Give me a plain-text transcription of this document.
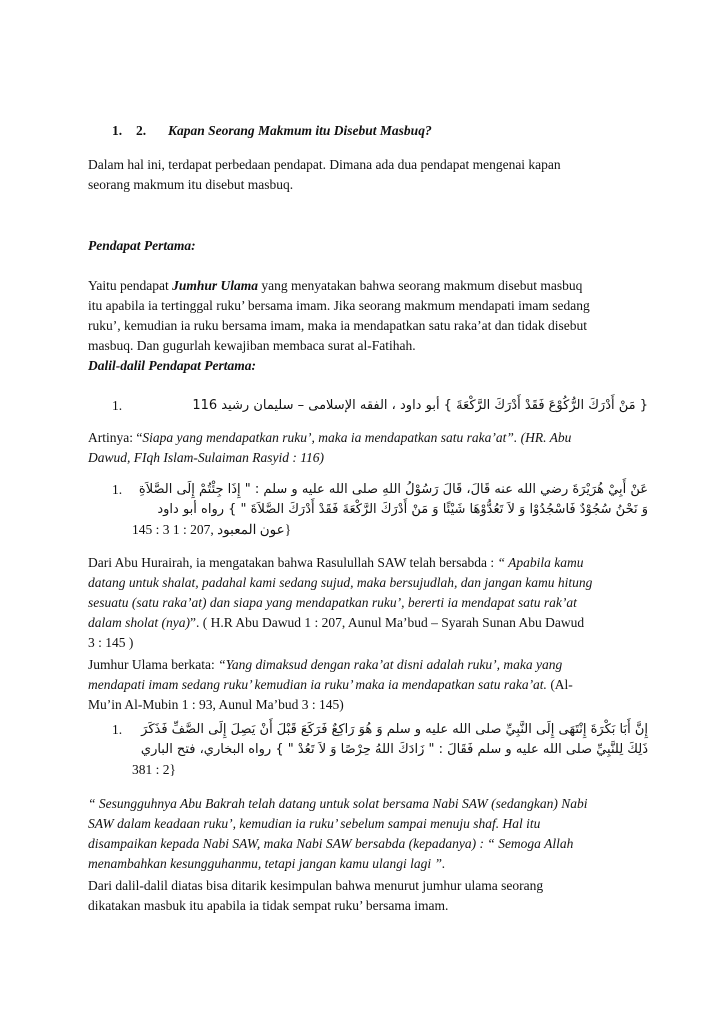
1. 2. Kapan Seorang Makmum itu Disebut Masbuq?

Dalam hal ini, terdapat perbedaan pendapat. Dimana ada dua pendapat mengenai kapan

seorang makmum itu disebut masbuq.

Pendapat Pertama:

Yaitu pendapat Jumhur Ulama yang menyatakan bahwa seorang makmum disebut masbuq

itu apabila ia tertinggal ruku’ bersama imam. Jika seorang makmum mendapati imam sedang

ruku’, kemudian ia ruku bersama imam, maka ia mendapatkan satu raka’at dan tidak disebut

masbuq. Dan gugurlah kewajiban membaca surat al-Fatihah.

Dalil-dalil Pendapat Pertama:

1.	{ مَنْ أَدْرَكَ الرُّكُوْعَ فَقَدْ أَدْرَكَ الرَّكْعَةَ } أبو داود ، الفقه الإسلامى – سليمان رشيد 116

Artinya: “Siapa yang mendapatkan ruku’, maka ia mendapatkan satu raka’at”. (HR. Abu

Dawud, FIqh Islam-Sulaiman Rasyid : 116)

1.	عَنْ أَبِيْ هُرَيْرَةَ رضي الله عنه قَالَ، قَالَ رَسُوْلُ اللهِ صلى الله عليه و سلم : " إِذَا جِئْتُمْ إِلَى الصَّلاَةِ
وَ نَحْنُ سُجُوْدٌ فَاسْجُدُوْا وَ لاَ تَعُدُّوْهَا شَيْئًا وَ مَنْ أَدْرَكَ الرَّكْعَةَ فَقَدْ أَدْرَكَ الصَّلاَةَ " } رواه أبو داود
145 : 3 عون المعبود ,207 : 1}

Dari Abu Hurairah, ia mengatakan bahwa Rasulullah SAW telah bersabda : “ Apabila kamu

datang untuk shalat, padahal kami sedang sujud, maka bersujudlah, dan jangan kamu hitung

sesuatu (satu raka’at) dan siapa yang mendapatkan ruku’, bererti ia mendapat satu rak’at

dalam sholat (nya)”. ( H.R Abu Dawud 1 : 207, Aunul Ma’bud – Syarah Sunan Abu Dawud

3 : 145 )

Jumhur Ulama berkata: “Yang dimaksud dengan raka’at disni adalah ruku’, maka yang

mendapati imam sedang ruku’ kemudian ia ruku’ maka ia mendapatkan satu raka’at. (Al-

Mu’in Al-Mubin 1 : 93, Aunul Ma’bud 3 : 145)

1.	إِنَّ أَبَا بَكْرَةَ إِنْتَهَى إِلَى النَّبِيِّ صلى الله عليه و سلم وَ هُوَ رَاكِعٌ فَرَكَعَ قَبْلَ أَنْ يَصِلَ إِلَى الصَّفِّ فَذَكَرَ
ذَلِكَ لِلنَّبِيِّ صلى الله عليه و سلم فَقَالَ : " زَادَكَ اللهُ حِرْصًا وَ لاَ تَعُدْ " } رواه البخاري، فتح الباري
381 : 2}

“ Sesungguhnya Abu Bakrah telah datang untuk solat bersama Nabi SAW (sedangkan) Nabi

SAW dalam keadaan ruku’, kemudian ia ruku’ sebelum sampai menuju shaf. Hal itu

disampaikan kepada Nabi SAW, maka Nabi SAW bersabda (kepadanya) : “ Semoga Allah

menambahkan kesungguhanmu, tetapi jangan kamu ulangi lagi ”.

Dari dalil-dalil diatas bisa ditarik kesimpulan bahwa menurut jumhur ulama seorang

dikatakan masbuk itu apabila ia tidak sempat ruku’ bersama imam.
